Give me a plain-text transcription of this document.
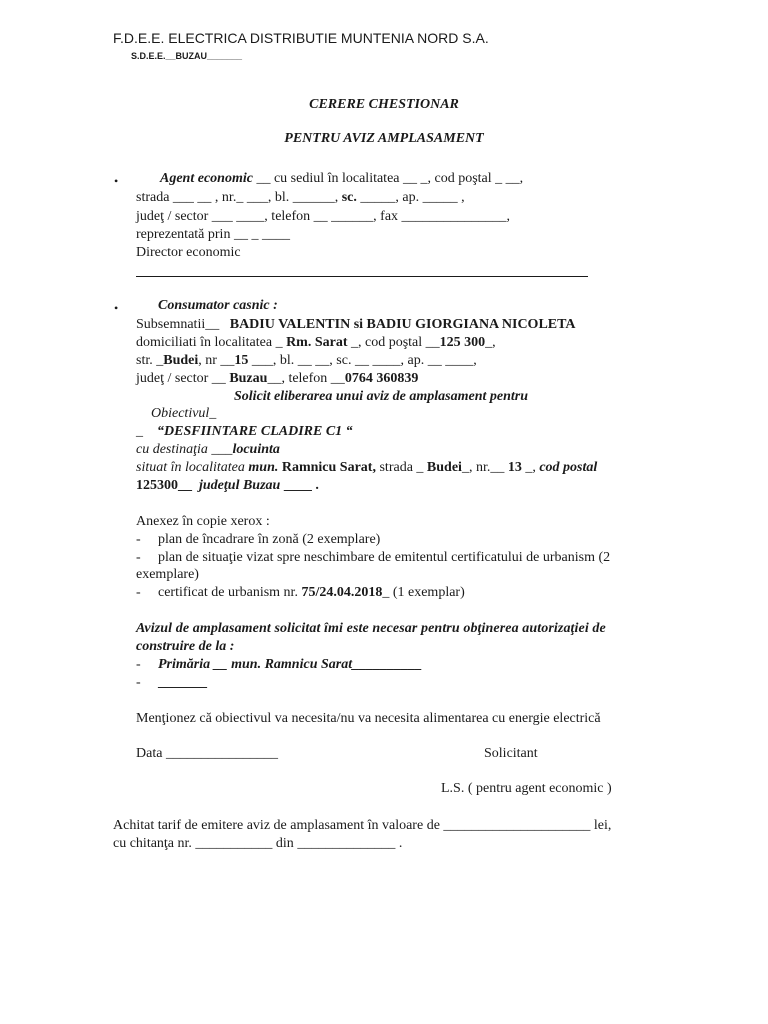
F.D.E.E. ELECTRICA DISTRIBUTIE MUNTENIA NORD S.A.
S.D.E.E.__BUZAU_______
CERERE CHESTIONAR
PENTRU AVIZ AMPLASAMENT
•	Agent economic __ cu sediul în localitatea __ _, cod poştal _ __,
strada ___ __ , nr._ ___, bl. ______, sc. _____, ap. _____ ,
judeţ / sector ___ ____, telefon __ ______, fax _______________,
reprezentată prin __ _ ____
Director economic
•	Consumator casnic :
Subsemnatii__ BADIU VALENTIN si BADIU GIORGIANA NICOLETA
domiciliati în localitatea _ Rm. Sarat _, cod poştal __125 300_,
str. _Budei, nr __15 ___, bl. __ __, sc. __ ____, ap. __ ____,
judeţ / sector __ Buzau__, telefon __0764 360839
Solicit eliberarea unui aviz de amplasament pentru
Obiectivul_
_ “DESFIINTARE CLADIRE C1 “
cu destinaţia ___locuinta
situat în localitatea mun. Ramnicu Sarat, strada _ Budei_, nr.__ 13 _, cod postal
125300__ judeţul Buzau ____ .
Anexez în copie xerox :
- plan de încadrare în zonă (2 exemplare)
- plan de situaţie vizat spre neschimbare de emitentul certificatului de urbanism (2
exemplare)
- certificat de urbanism nr. 75/24.04.2018_ (1 exemplar)
Avizul de amplasament solicitat îmi este necesar pentru obţinerea autorizaţiei de
construire de la :
- Primăria __ mun. Ramnicu Sarat__________
- _______
Menţionez că obiectivul va necesita/nu va necesita alimentarea cu energie electrică
Data ________________	Solicitant
L.S. ( pentru agent economic )
Achitat tarif de emitere aviz de amplasament în valoare de _____________________ lei,
cu chitanţa nr. ___________ din ______________ .
